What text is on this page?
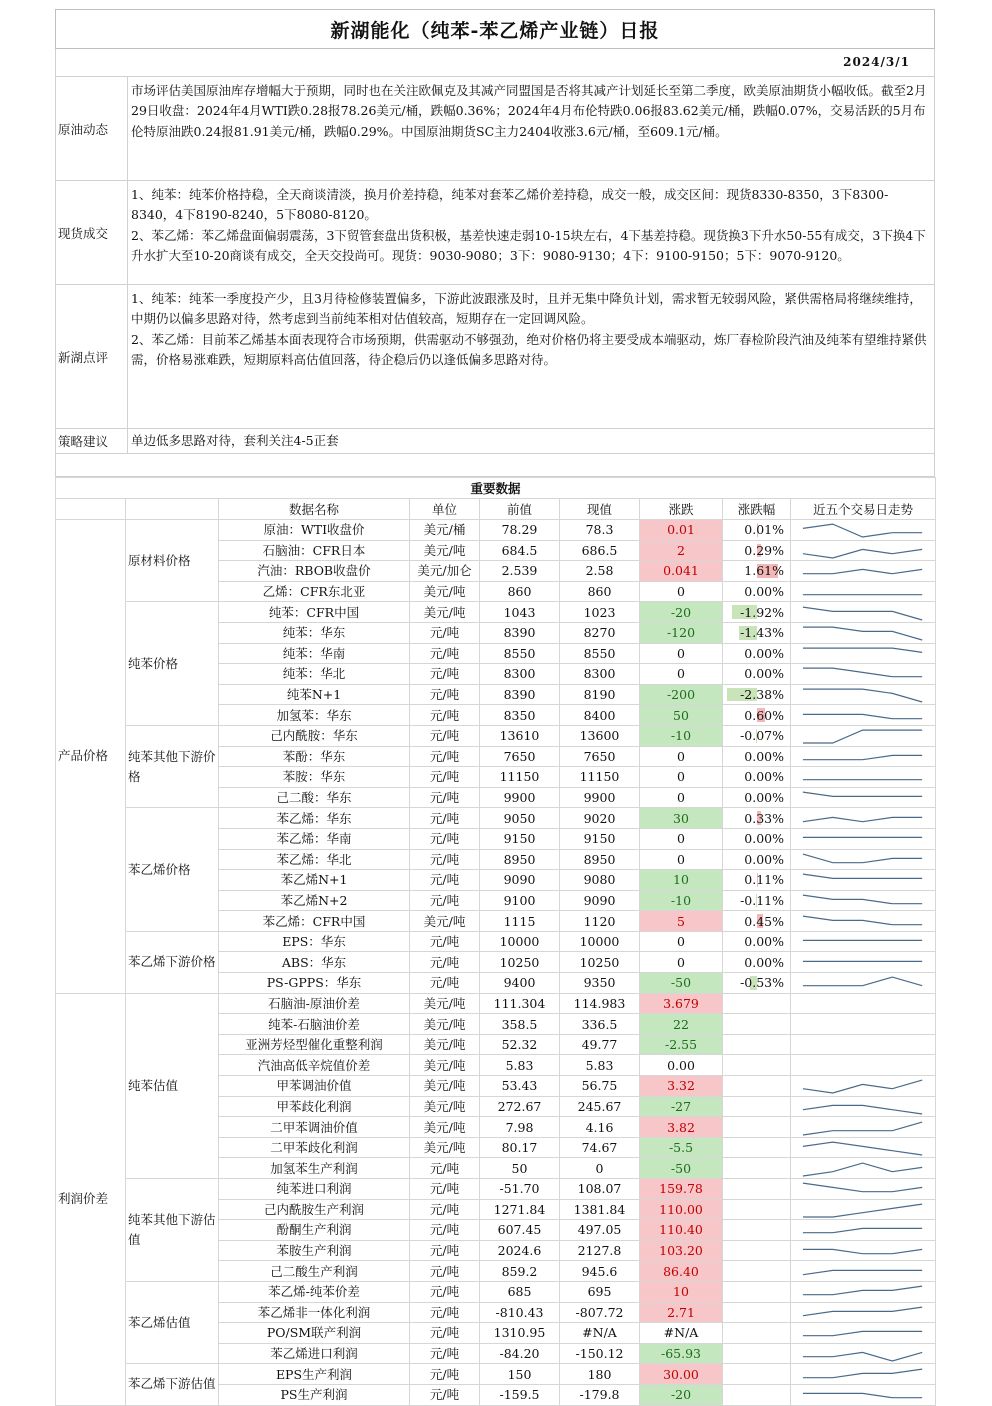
新湖能化（纯苯-苯乙烯产业链）日报
2024/3/1
原油动态

市场评估美国原油库存增幅大于预期，同时也在关注欧佩克及其减产同盟国是否将其减产计划延长至第二季度，欧美原油期货小幅收低。截至2月29日收盘：2024年4月WTI跌0.28报78.26美元/桶，跌幅0.36%；2024年4月布伦特跌0.06报83.62美元/桶，跌幅0.07%，交易活跃的5月布伦特原油跌0.24报81.91美元/桶，跌幅0.29%。中国原油期货SC主力2404收涨3.6元/桶，至609.1元/桶。

现货成交

1、纯苯：纯苯价格持稳，全天商谈清淡，换月价差持稳，纯苯对套苯乙烯价差持稳，成交一般，成交区间：现货8330-8350，3下8300-8340，4下8190-8240，5下8080-8120。

2、苯乙烯：苯乙烯盘面偏弱震荡，3下贸管套盘出货积极，基差快速走弱10-15块左右，4下基差持稳。现货换3下升水50-55有成交，3下换4下升水扩大至10-20商谈有成交，全天交投尚可。现货：9030-9080；3下：9080-9130；4下：9100-9150；5下：9070-9120。

新湖点评

1、纯苯：纯苯一季度投产少，且3月待检修装置偏多，下游此波跟涨及时，且并无集中降负计划，需求暂无较弱风险，紧供需格局将继续维持，中期仍以偏多思路对待，然考虑到当前纯苯相对估值较高，短期存在一定回调风险。

2、苯乙烯：目前苯乙烯基本面表现符合市场预期，供需驱动不够强劲，绝对价格仍将主要受成本端驱动，炼厂春检阶段汽油及纯苯有望维持紧供需，价格易涨难跌，短期原料高估值回落，待企稳后仍以逢低偏多思路对待。

策略建议	单边低多思路对待，套利关注4-5正套

重要数据								
		数据名称	单位	前值	现值	涨跌	涨跌幅	近五个交易日走势
产品价格	原材料价格	原油：WTI收盘价	美元/桶	78.29	78.3	0.01	0.01%	

		石脑油：CFR日本	美元/吨	684.5	686.5	2	0.29%	

		汽油：RBOB收盘价	美元/加仑	2.539	2.58	0.041	1.61%	

		乙烯：CFR东北亚	美元/吨	860	860	0	0.00%	

	纯苯价格	纯苯：CFR中国	美元/吨	1043	1023	-20	-1.92%	

		纯苯：华东	元/吨	8390	8270	-120	-1.43%	

		纯苯：华南	元/吨	8550	8550	0	0.00%	

		纯苯：华北	元/吨	8300	8300	0	0.00%	

		纯苯N+1	元/吨	8390	8190	-200	-2.38%	

		加氢苯：华东	元/吨	8350	8400	50	0.60%	

	纯苯其他下游价格	己内酰胺：华东	元/吨	13610	13600	-10	-0.07%	

		苯酚：华东	元/吨	7650	7650	0	0.00%	

		苯胺：华东	元/吨	11150	11150	0	0.00%	

		己二酸：华东	元/吨	9900	9900	0	0.00%	

	苯乙烯价格	苯乙烯：华东	元/吨	9050	9020	30	0.33%	

		苯乙烯：华南	元/吨	9150	9150	0	0.00%	

		苯乙烯：华北	元/吨	8950	8950	0	0.00%	

		苯乙烯N+1	元/吨	9090	9080	10	0.11%	

		苯乙烯N+2	元/吨	9100	9090	-10	-0.11%	

		苯乙烯：CFR中国	美元/吨	1115	1120	5	0.45%	

	苯乙烯下游价格	EPS：华东	元/吨	10000	10000	0	0.00%	

		ABS：华东	元/吨	10250	10250	0	0.00%	

		PS-GPPS：华东	元/吨	9400	9350	-50	-0.53%	

利润价差	纯苯估值	石脑油-原油价差	美元/吨	111.304	114.983	3.679		
		纯苯-石脑油价差	美元/吨	358.5	336.5	22		
		亚洲芳烃型催化重整利润	美元/吨	52.32	49.77	-2.55		
		汽油高低辛烷值价差	美元/吨	5.83	5.83	0.00		
		甲苯调油价值	美元/吨	53.43	56.75	3.32		

		甲苯歧化利润	美元/吨	272.67	245.67	-27		

		二甲苯调油价值	美元/吨	7.98	4.16	3.82		

		二甲苯歧化利润	美元/吨	80.17	74.67	-5.5		

		加氢苯生产利润	元/吨	50	0	-50		

	纯苯其他下游估值	纯苯进口利润	元/吨	-51.70	108.07	159.78		

		己内酰胺生产利润	元/吨	1271.84	1381.84	110.00		

		酚酮生产利润	元/吨	607.45	497.05	110.40		

		苯胺生产利润	元/吨	2024.6	2127.8	103.20		

		己二酸生产利润	元/吨	859.2	945.6	86.40		

	苯乙烯估值	苯乙烯-纯苯价差	元/吨	685	695	10		

		苯乙烯非一体化利润	元/吨	-810.43	-807.72	2.71		

		PO/SM联产利润	元/吨	1310.95	#N/A	#N/A		

		苯乙烯进口利润	元/吨	-84.20	-150.12	-65.93		

	苯乙烯下游估值	EPS生产利润	元/吨	150	180	30.00		

		PS生产利润	元/吨	-159.5	-179.8	-20		
